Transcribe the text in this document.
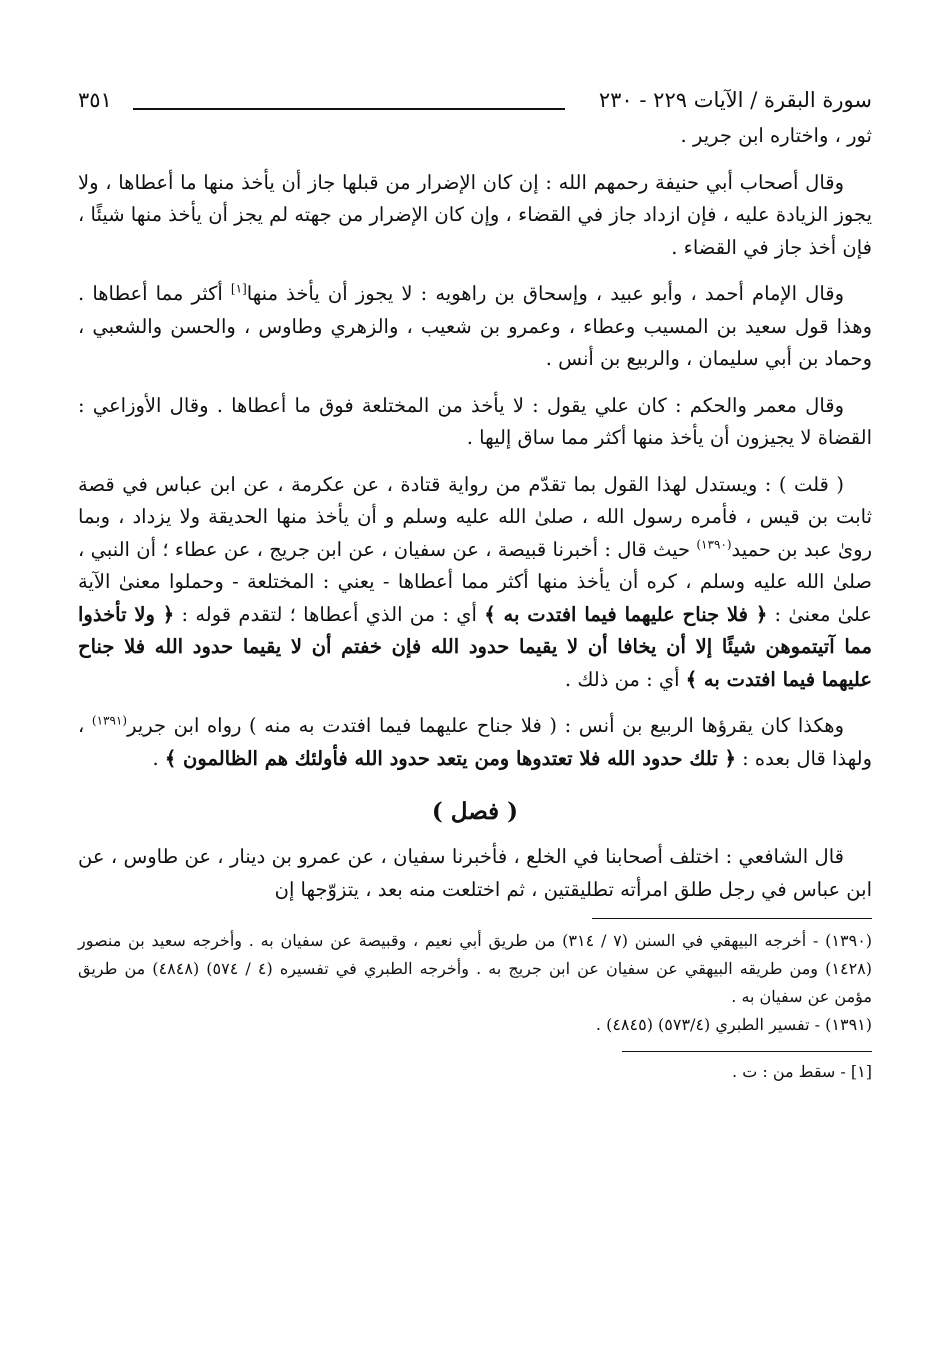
سورة البقرة / الآيات ٢٢٩ - ٢٣٠
٣٥١

ثور ، واختاره ابن جرير .

وقال أصحاب أبي حنيفة رحمهم الله : إن كان الإضرار من قبلها جاز أن يأخذ منها ما أعطاها ، ولا يجوز الزيادة عليه ، فإن ازداد جاز في القضاء ، وإن كان الإضرار من جهته لم يجز أن يأخذ منها شيئًا ، فإن أخذ جاز في القضاء .

وقال الإمام أحمد ، وأبو عبيد ، وإسحاق بن راهويه : لا يجوز أن يأخذ منها[١] أكثر مما أعطاها . وهذا قول سعيد بن المسيب وعطاء ، وعمرو بن شعيب ، والزهري وطاوس ، والحسن والشعبي ، وحماد بن أبي سليمان ، والربيع بن أنس .

وقال معمر والحكم : كان علي يقول : لا يأخذ من المختلعة فوق ما أعطاها . وقال الأوزاعي : القضاة لا يجيزون أن يأخذ منها أكثر مما ساق إليها .

( قلت ) : ويستدل لهذا القول بما تقدّم من رواية قتادة ، عن عكرمة ، عن ابن عباس في قصة ثابت بن قيس ، فأمره رسول الله ، صلىٰ الله عليه وسلم و أن يأخذ منها الحديقة ولا يزداد ، وبما روىٰ عبد بن حميد$^{(١٣٩٠)}$ حيث قال : أخبرنا قبيصة ، عن سفيان ، عن ابن جريج ، عن عطاء ؛ أن النبي ، صلىٰ الله عليه وسلم ، كره أن يأخذ منها أكثر مما أعطاها - يعني : المختلعة - وحملوا معنىٰ الآية علىٰ معنىٰ : ﴿ فلا جناح عليهما فيما افتدت به ﴾ أي : من الذي أعطاها ؛ لتقدم قوله : ﴿ ولا تأخذوا مما آتيتموهن شيئًا إلا أن يخافا أن لا يقيما حدود الله فإن خفتم أن لا يقيما حدود الله فلا جناح عليهما فيما افتدت به ﴾ أي : من ذلك .

وهكذا كان يقرؤها الربيع بن أنس : ( فلا جناح عليهما فيما افتدت به منه ) رواه ابن جرير$^{(١٣٩١)}$ ، ولهذا قال بعده : ﴿ تلك حدود الله فلا تعتدوها ومن يتعد حدود الله فأولئك هم الظالمون ﴾ .

( فصل )

قال الشافعي : اختلف أصحابنا في الخلع ، فأخبرنا سفيان ، عن عمرو بن دينار ، عن طاوس ، عن ابن عباس في رجل طلق امرأته تطليقتين ، ثم اختلعت منه بعد ، يتزوّجها إن

(١٣٩٠) - أخرجه البيهقي في السنن (٧ / ٣١٤) من طريق أبي نعيم ، وقبيصة عن سفيان به . وأخرجه سعيد بن منصور (١٤٢٨) ومن طريقه البيهقي عن سفيان عن ابن جريج به . وأخرجه الطبري في تفسيره (٤ / ٥٧٤) (٤٨٤٨) من طريق مؤمن عن سفيان به .

(١٣٩١) - تفسير الطبري (٥٧٣/٤) (٤٨٤٥) .

[١] - سقط من : ت .
